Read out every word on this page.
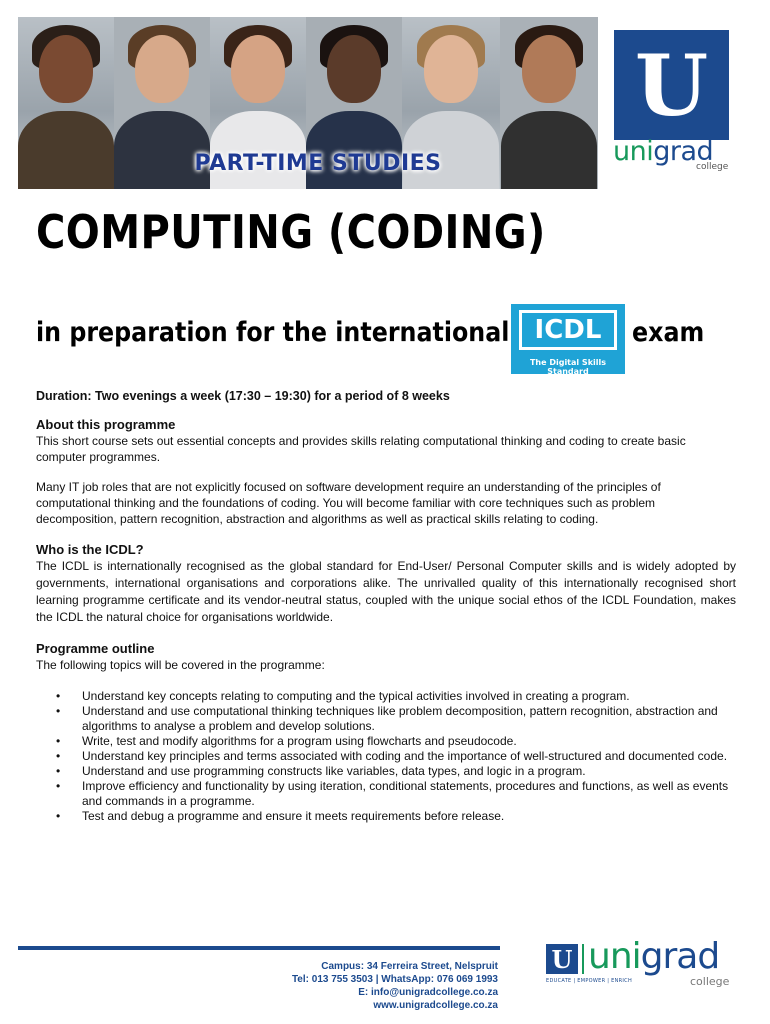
PART-TIME STUDIES
U
unigrad
college
COMPUTING (CODING)
in preparation for the international ICDL
The Digital Skills Standard
exam

Duration: Two evenings a week (17:30 – 19:30) for a period of 8 weeks

About this programme

This short course sets out essential concepts and provides skills relating computational thinking and coding to create basic computer programmes.

Many IT job roles that are not explicitly focused on software development require an understanding of the principles of computational thinking and the foundations of coding. You will become familiar with core techniques such as problem decomposition, pattern recognition, abstraction and algorithms as well as practical skills relating to coding.

Who is the ICDL?

The ICDL is internationally recognised as the global standard for End-User/ Personal Computer skills and is widely adopted by governments, international organisations and corporations alike. The unrivalled quality of this internationally recognised short learning programme certificate and its vendor-neutral status, coupled with the unique social ethos of the ICDL Foundation, makes the ICDL the natural choice for organisations worldwide.

Programme outline

The following topics will be covered in the programme:

• Understand key concepts relating to computing and the typical activities involved in creating a program.
• Understand and use computational thinking techniques like problem decomposition, pattern recognition, abstraction and algorithms to analyse a problem and develop solutions.
• Write, test and modify algorithms for a program using flowcharts and pseudocode.
• Understand key principles and terms associated with coding and the importance of well-structured and documented code.
• Understand and use programming constructs like variables, data types, and logic in a program.
• Improve efficiency and functionality by using iteration, conditional statements, procedures and functions, as well as events and commands in a programme.
• Test and debug a programme and ensure it meets requirements before release.
Campus: 34 Ferreira Street, Nelspruit
Tel: 013 755 3503 | WhatsApp: 076 069 1993
E: info@unigradcollege.co.za
www.unigradcollege.co.za
U unigrad
EDUCATE | EMPOWER | ENRICH	college
